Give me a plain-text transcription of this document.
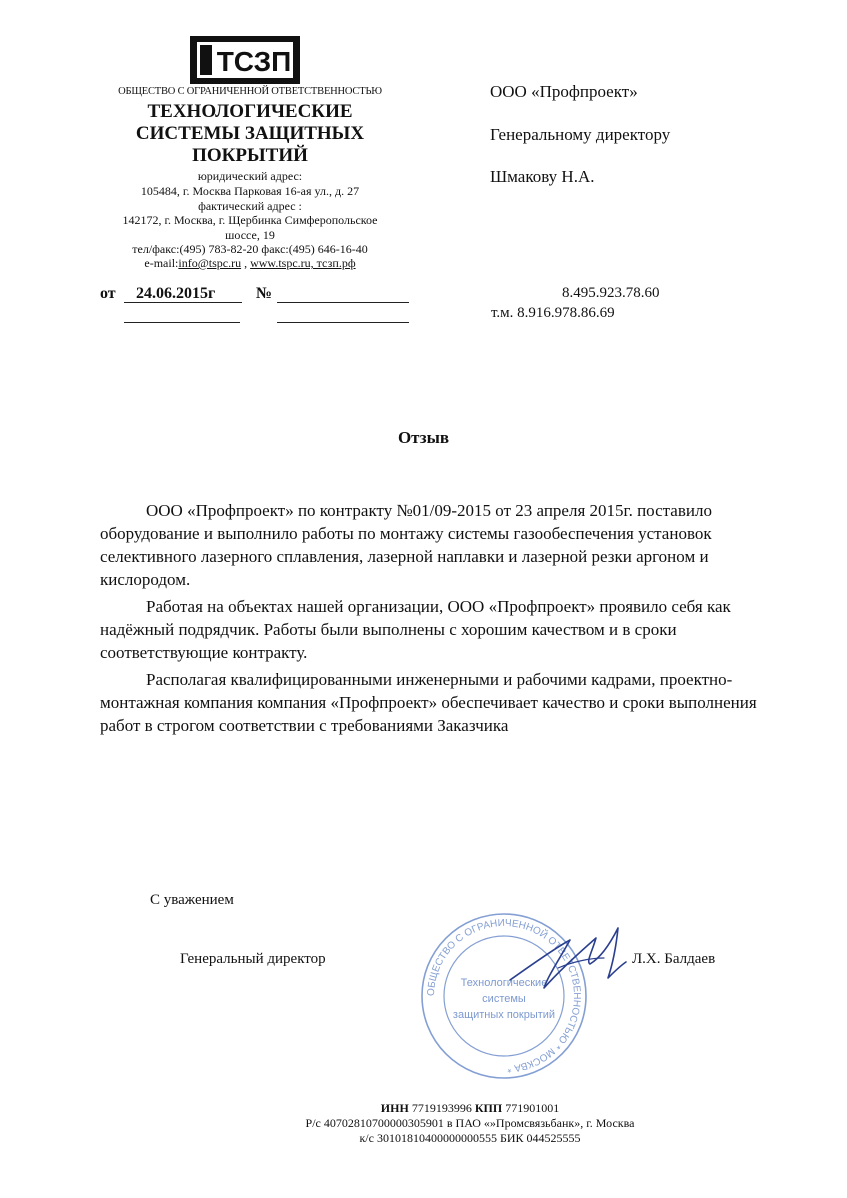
ТСЗП
ОБЩЕСТВО С ОГРАНИЧЕННОЙ ОТВЕТСТВЕННОСТЬЮ
ТЕХНОЛОГИЧЕСКИЕ
СИСТЕМЫ ЗАЩИТНЫХ
ПОКРЫТИЙ
юридический адрес:
105484, г. Москва Парковая 16-ая ул., д. 27
фактический адрес :
142172, г. Москва, г. Щербинка Симферопольское
шоссе, 19
тел/факс:(495) 783-82-20 факс:(495) 646-16-40
e-mail:info@tspc.ru , www.tspc.ru, тсзп.рф
от 24.06.2015г	№
ООО «Профпроект»
Генеральному директору
Шмакову Н.А.
8.495.923.78.60
т.м. 8.916.978.86.69
Отзыв

ООО «Профпроект» по контракту №01/09-2015 от 23 апреля 2015г. поставило оборудование и выполнило работы по монтажу системы газообеспечения установок селективного лазерного сплавления, лазерной наплавки и лазерной резки аргоном и кислородом.

Работая на объектах нашей организации, ООО «Профпроект» проявило себя как надёжный подрядчик. Работы были выполнены с хорошим качеством и в сроки соответствующие контракту.

Располагая квалифицированными инженерными и рабочими кадрами, проектно-монтажная компания компания «Профпроект» обеспечивает качество и сроки выполнения работ в строгом соответствии с требованиями Заказчика

С уважением
Генеральный директор	Л.Х. Балдаев
ОБЩЕСТВО С ОГРАНИЧЕННОЙ ОТВЕТСТВЕННОСТЬЮ * МОСКВА *
Технологические
системы
защитных покрытий
ИНН 7719193996 КПП 771901001
Р/с 40702810700000305901 в ПАО «»Промсвязьбанк», г. Москва
к/с 30101810400000000555 БИК 044525555
